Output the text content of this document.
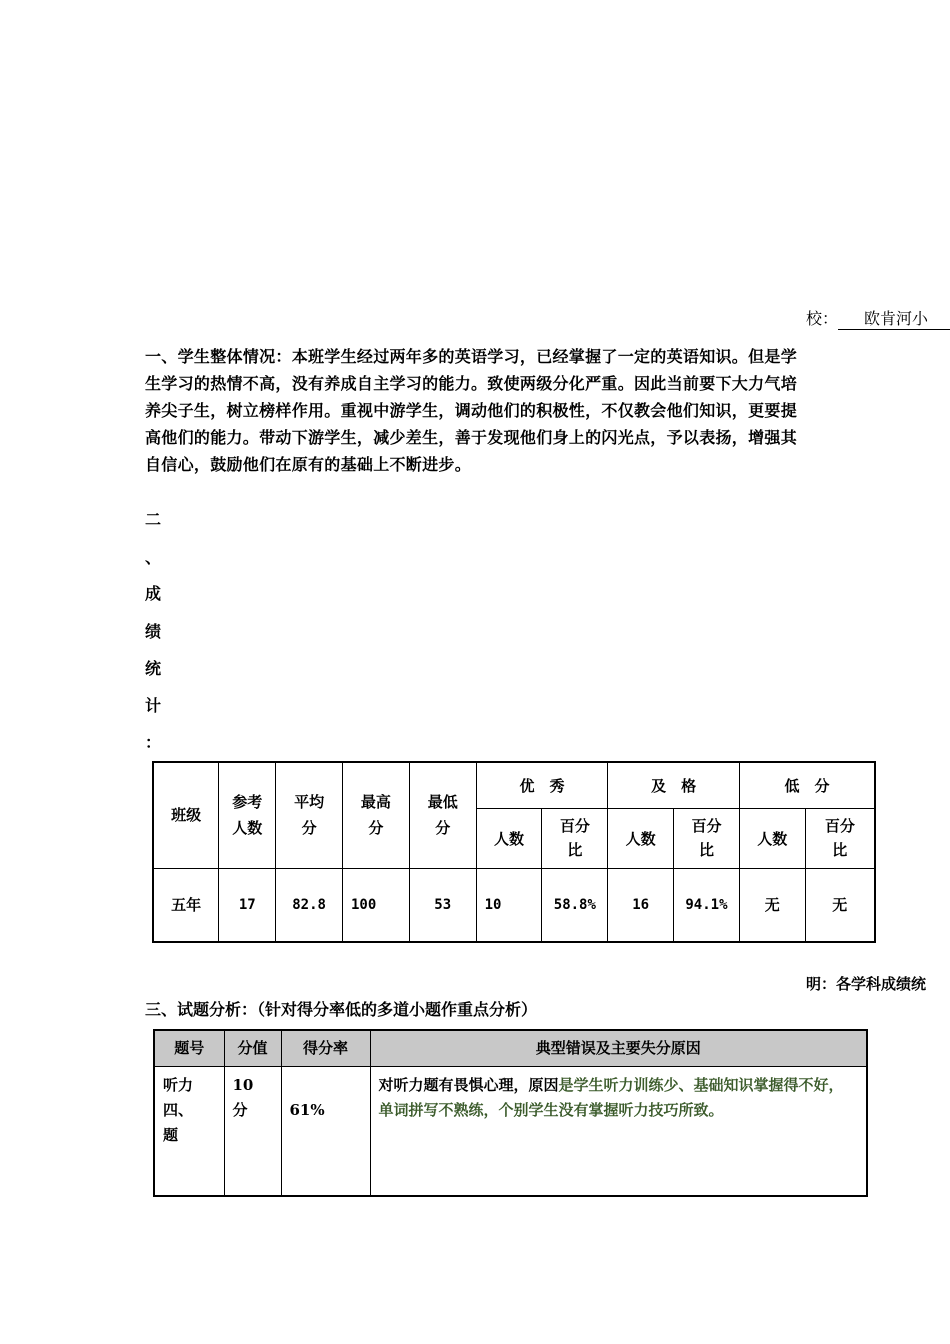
校： 欧肯河小
一、学生整体情况：本班学生经过两年多的英语学习，已经掌握了一定的英语知识。但是学生学习的热情不高，没有养成自主学习的能力。致使两级分化严重。因此当前要下大力气培养尖子生，树立榜样作用。重视中游学生，调动他们的积极性，不仅教会他们知识，更要提高他们的能力。带动下游学生，减少差生，善于发现他们身上的闪光点，予以表扬，增强其自信心，鼓励他们在原有的基础上不断进步。
二
、
成
绩
统
计
：
班级	参考人数	平均分	最高分	最低分	优　秀		及　格		低　分	
					人数	百分比	人数	百分比	人数	百分比

五年	17	82.8	100	53	10	58.8%	16	94.1%	无	无
明：各学科成绩统
三、试题分析：（针对得分率低的多道小题作重点分析）
题号	分值	得分率	典型错误及主要失分原因

听力四、题	10分	61%	对听力题有畏惧心理，原因是学生听力训练少、基础知识掌握得不好，单词拼写不熟练，个别学生没有掌握听力技巧所致。
